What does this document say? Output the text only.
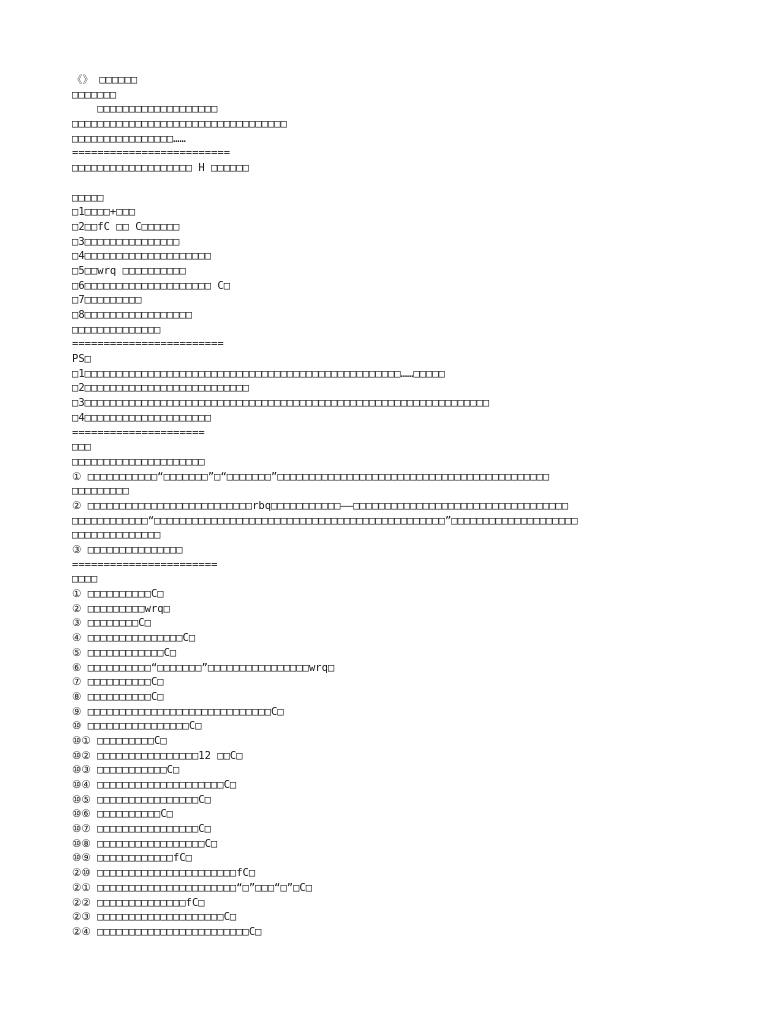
《》 □□□□□□
□□□□□□□
□□□□□□□□□□□□□□□□□□□
□□□□□□□□□□□□□□□□□□□□□□□□□□□□□□□□□□
□□□□□□□□□□□□□□□□……
=========================
□□□□□□□□□□□□□□□□□□□ H □□□□□□
□□□□□
□1□□□□+□□□
□2□□fC □□ C□□□□□□
□3□□□□□□□□□□□□□□□
□4□□□□□□□□□□□□□□□□□□□□
□5□□wrq □□□□□□□□□□
□6□□□□□□□□□□□□□□□□□□□□ C□
□7□□□□□□□□□
□8□□□□□□□□□□□□□□□□□
□□□□□□□□□□□□□□
========================
PS□
□1□□□□□□□□□□□□□□□□□□□□□□□□□□□□□□□□□□□□□□□□□□□□□□□□□□……□□□□□
□2□□□□□□□□□□□□□□□□□□□□□□□□□□
□3□□□□□□□□□□□□□□□□□□□□□□□□□□□□□□□□□□□□□□□□□□□□□□□□□□□□□□□□□□□□□□□□
□4□□□□□□□□□□□□□□□□□□□□
=====================
□□□
□□□□□□□□□□□□□□□□□□□□□
① □□□□□□□□□□□“□□□□□□□”□“□□□□□□□”□□□□□□□□□□□□□□□□□□□□□□□□□□□□□□□□□□□□□□□□□□□
□□□□□□□□□
② □□□□□□□□□□□□□□□□□□□□□□□□□□rbq□□□□□□□□□□□——□□□□□□□□□□□□□□□□□□□□□□□□□□□□□□□□□□
□□□□□□□□□□□□“□□□□□□□□□□□□□□□□□□□□□□□□□□□□□□□□□□□□□□□□□□□□□□”□□□□□□□□□□□□□□□□□□□□
□□□□□□□□□□□□□□
③ □□□□□□□□□□□□□□□
=======================
□□□□
① □□□□□□□□□□C□
② □□□□□□□□□wrq□
③ □□□□□□□□C□
④ □□□□□□□□□□□□□□□C□
⑤ □□□□□□□□□□□□C□
⑥ □□□□□□□□□□“□□□□□□□”□□□□□□□□□□□□□□□□wrq□
⑦ □□□□□□□□□□C□
⑧ □□□□□□□□□□C□
⑨ □□□□□□□□□□□□□□□□□□□□□□□□□□□□□C□
⑩ □□□□□□□□□□□□□□□□C□
⑩① □□□□□□□□□C□
⑩② □□□□□□□□□□□□□□□□12 □□C□
⑩③ □□□□□□□□□□□C□
⑩④ □□□□□□□□□□□□□□□□□□□□C□
⑩⑤ □□□□□□□□□□□□□□□□C□
⑩⑥ □□□□□□□□□□C□
⑩⑦ □□□□□□□□□□□□□□□□C□
⑩⑧ □□□□□□□□□□□□□□□□□C□
⑩⑨ □□□□□□□□□□□□fC□
②⑩ □□□□□□□□□□□□□□□□□□□□□□fC□
②① □□□□□□□□□□□□□□□□□□□□□□“□”□□□“□”□C□
②② □□□□□□□□□□□□□□fC□
②③ □□□□□□□□□□□□□□□□□□□□C□
②④ □□□□□□□□□□□□□□□□□□□□□□□□C□
